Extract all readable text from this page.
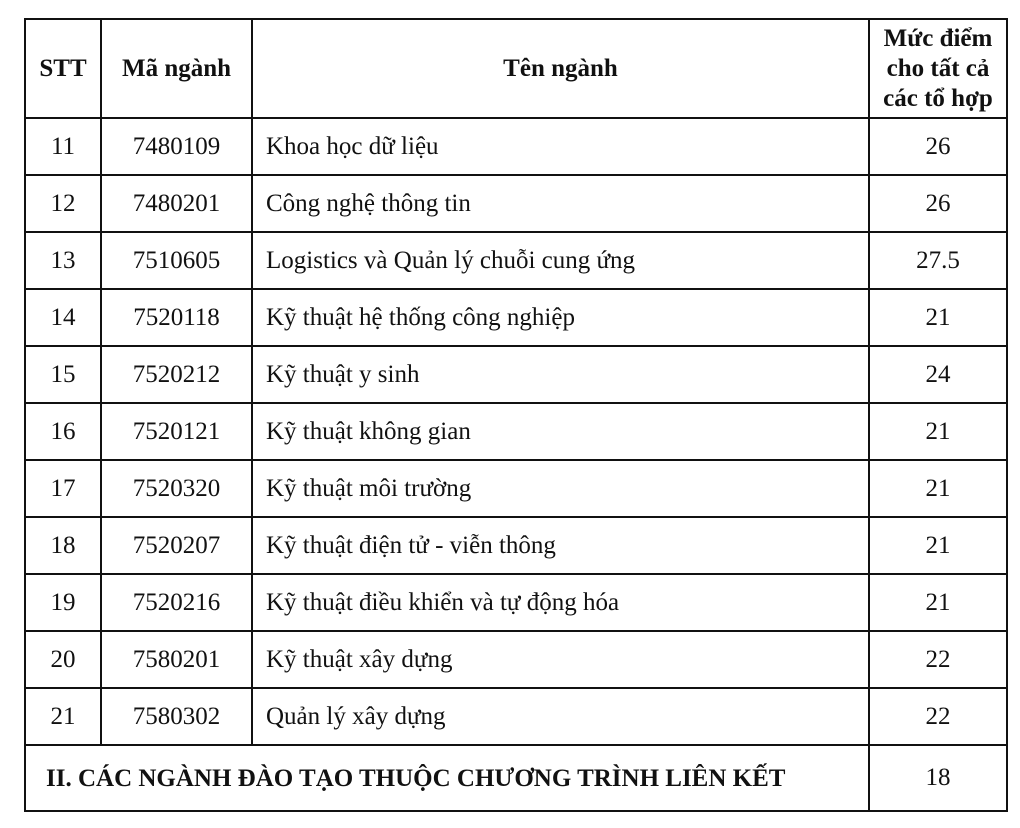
STT	Mã ngành	Tên ngành	Mức điểm cho tất cả các tổ hợp
11	7480109	Khoa học dữ liệu	26
12	7480201	Công nghệ thông tin	26
13	7510605	Logistics và Quản lý chuỗi cung ứng	27.5
14	7520118	Kỹ thuật hệ thống công nghiệp	21
15	7520212	Kỹ thuật y sinh	24
16	7520121	Kỹ thuật không gian	21
17	7520320	Kỹ thuật môi trường	21
18	7520207	Kỹ thuật điện tử - viễn thông	21
19	7520216	Kỹ thuật điều khiển và tự động hóa	21
20	7580201	Kỹ thuật xây dựng	22
21	7580302	Quản lý xây dựng	22
II. CÁC NGÀNH ĐÀO TẠO THUỘC CHƯƠNG TRÌNH LIÊN KẾT			18
